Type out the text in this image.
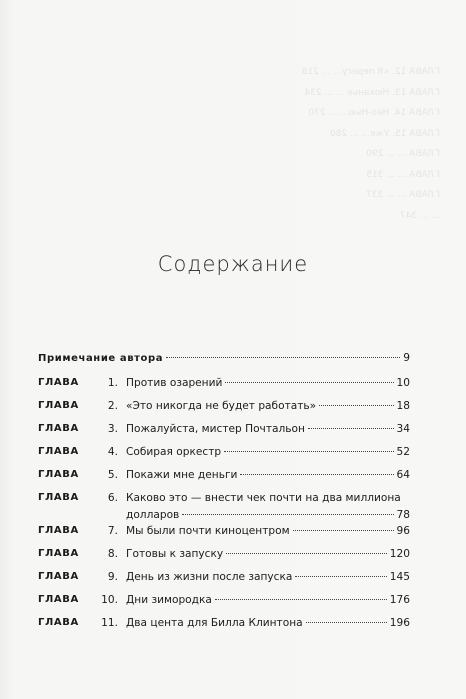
ГЛАВА 12. «Я перегу... ... 218
ГЛАВА 13. Нюханье ... ... 234
ГЛАВА 14. Нео-Нью... ... 270
ГЛАВА 15. Уже... ... 280
ГЛАВА ... ... 290
ГЛАВА ... ... 315
ГЛАВА ... ... 337
... ... 347
Содержание
Примечание автора	9
ГЛАВА	1. Против озарений	10
ГЛАВА	2. «Это никогда не будет работать»	18
ГЛАВА	3. Пожалуйста, мистер Почтальон	34
ГЛАВА	4. Собирая оркестр	52
ГЛАВА	5. Покажи мне деньги	64
ГЛАВА	6. Каково это — внести чек почти на два миллиона
долларов	78
ГЛАВА	7. Мы были почти киноцентром	96
ГЛАВА	8. Готовы к запуску	120
ГЛАВА	9. День из жизни после запуска	145
ГЛАВА 10. Дни зимородка	176
ГЛАВА 11. Два цента для Билла Клинтона	196
